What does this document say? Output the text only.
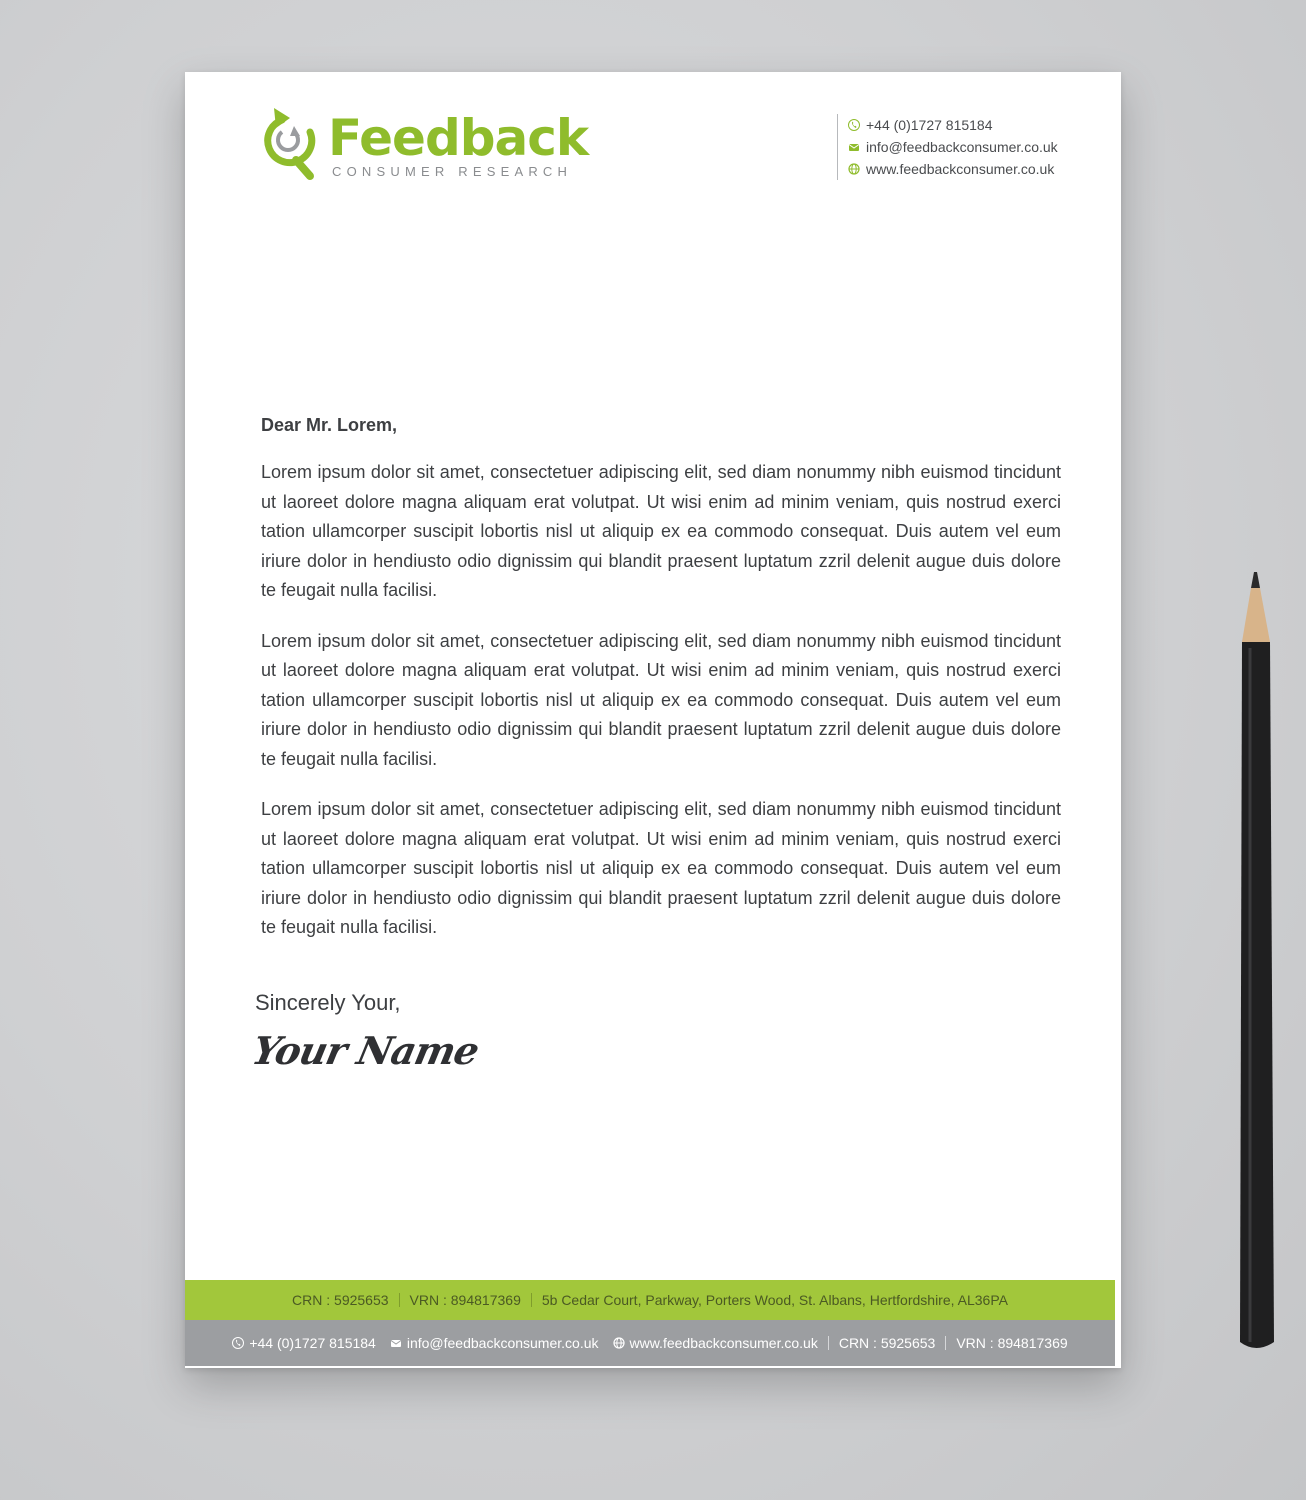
Feedback
CONSUMER RESEARCH
+44 (0)1727 815184
info@feedbackconsumer.co.uk
www.feedbackconsumer.co.uk

Dear Mr. Lorem,

Lorem ipsum dolor sit amet, consectetuer adipiscing elit, sed diam nonummy nibh euismod tincidunt ut laoreet dolore magna aliquam erat volutpat. Ut wisi enim ad minim veniam, quis nostrud exerci tation ullamcorper suscipit lobortis nisl ut aliquip ex ea commodo consequat. Duis autem vel eum iriure dolor in hendiusto odio dignissim qui blandit praesent luptatum zzril delenit augue duis dolore te feugait nulla facilisi.

Lorem ipsum dolor sit amet, consectetuer adipiscing elit, sed diam nonummy nibh euismod tincidunt ut laoreet dolore magna aliquam erat volutpat. Ut wisi enim ad minim veniam, quis nostrud exerci tation ullamcorper suscipit lobortis nisl ut aliquip ex ea commodo consequat. Duis autem vel eum iriure dolor in hendiusto odio dignissim qui blandit praesent luptatum zzril delenit augue duis dolore te feugait nulla facilisi.

Lorem ipsum dolor sit amet, consectetuer adipiscing elit, sed diam nonummy nibh euismod tincidunt ut laoreet dolore magna aliquam erat volutpat. Ut wisi enim ad minim veniam, quis nostrud exerci tation ullamcorper suscipit lobortis nisl ut aliquip ex ea commodo consequat. Duis autem vel eum iriure dolor in hendiusto odio dignissim qui blandit praesent luptatum zzril delenit augue duis dolore te feugait nulla facilisi.

Sincerely Your,
Your Name
CRN : 5925653 VRN : 894817369 5b Cedar Court, Parkway, Porters Wood, St. Albans, Hertfordshire, AL36PA
+44 (0)1727 815184 info@feedbackconsumer.co.uk www.feedbackconsumer.co.uk CRN : 5925653 VRN : 894817369
